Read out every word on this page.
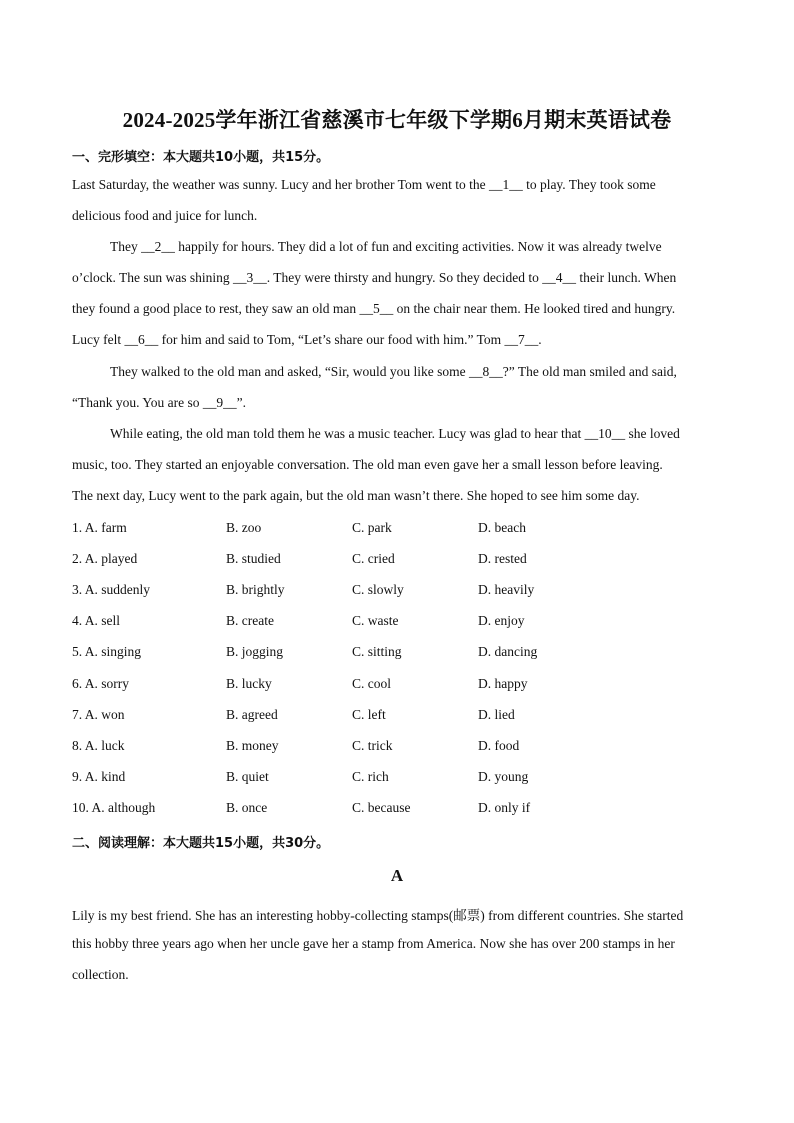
2024-2025学年浙江省慈溪市七年级下学期6月期末英语试卷
一、完形填空：本大题共10小题，共15分。
Last Saturday, the weather was sunny. Lucy and her brother Tom went to the __1__ to play. They took some
delicious food and juice for lunch.
They __2__ happily for hours. They did a lot of fun and exciting activities. Now it was already twelve
o’clock. The sun was shining __3__. They were thirsty and hungry. So they decided to __4__ their lunch. When
they found a good place to rest, they saw an old man __5__ on the chair near them. He looked tired and hungry.
Lucy felt __6__ for him and said to Tom, “Let’s share our food with him.” Tom __7__.
They walked to the old man and asked, “Sir, would you like some __8__?” The old man smiled and said,
“Thank you. You are so __9__”.
While eating, the old man told them he was a music teacher. Lucy was glad to hear that __10__ she loved
music, too. They started an enjoyable conversation. The old man even gave her a small lesson before leaving.
The next day, Lucy went to the park again, but the old man wasn’t there. She hoped to see him some day.
1. A. farm	B. zoo	C. park	D. beach
2. A. played	B. studied	C. cried	D. rested
3. A. suddenly	B. brightly	C. slowly	D. heavily
4. A. sell	B. create	C. waste	D. enjoy
5. A. singing	B. jogging	C. sitting	D. dancing
6. A. sorry	B. lucky	C. cool	D. happy
7. A. won	B. agreed	C. left	D. lied
8. A. luck	B. money	C. trick	D. food
9. A. kind	B. quiet	C. rich	D. young
10. A. although	B. once	C. because	D. only if
二、阅读理解：本大题共15小题，共30分。
A
Lily is my best friend. She has an interesting hobby-collecting stamps(邮票) from different countries. She started
this hobby three years ago when her uncle gave her a stamp from America. Now she has over 200 stamps in her
collection.
